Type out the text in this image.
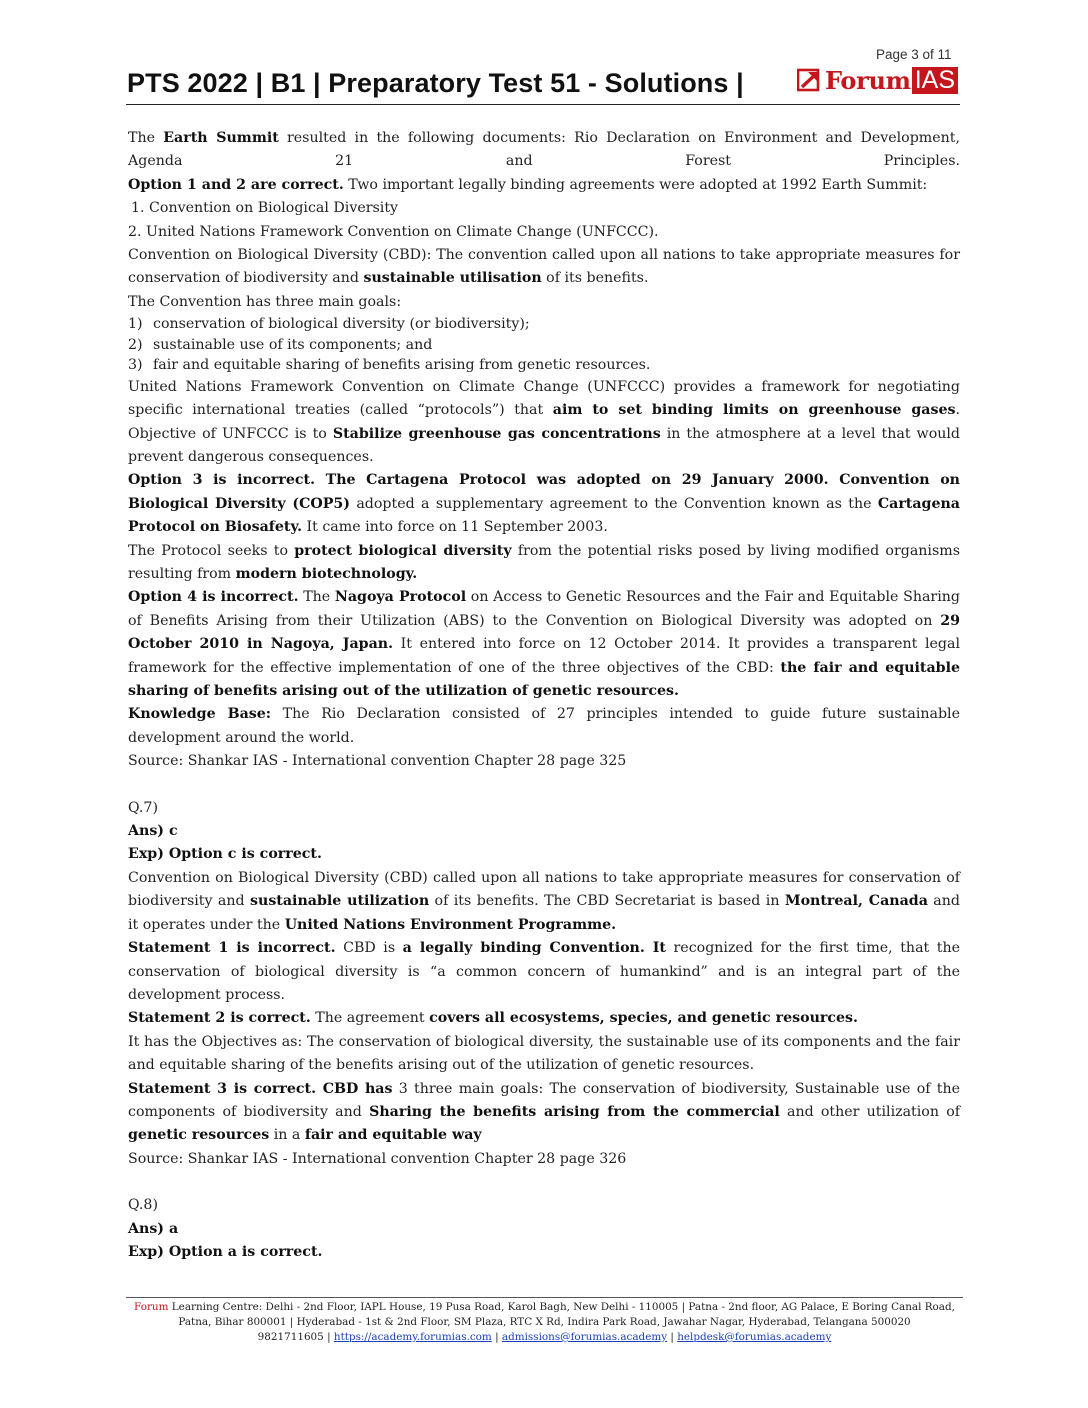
Page 3 of 11
PTS 2022 | B1 | Preparatory Test 51 - Solutions |	Forum IAS

The Earth Summit resulted in the following documents: Rio Declaration on Environment and Development, Agenda 21 and Forest Principles.

Option 1 and 2 are correct. Two important legally binding agreements were adopted at 1992 Earth Summit:

1. Convention on Biological Diversity

2. United Nations Framework Convention on Climate Change (UNFCCC).

Convention on Biological Diversity (CBD): The convention called upon all nations to take appropriate measures for conservation of biodiversity and sustainable utilisation of its benefits.

The Convention has three main goals:

1) conservation of biological diversity (or biodiversity);
2) sustainable use of its components; and
3) fair and equitable sharing of benefits arising from genetic resources.

United Nations Framework Convention on Climate Change (UNFCCC) provides a framework for negotiating specific international treaties (called “protocols”) that aim to set binding limits on greenhouse gases. Objective of UNFCCC is to Stabilize greenhouse gas concentrations in the atmosphere at a level that would prevent dangerous consequences.

Option 3 is incorrect. The Cartagena Protocol was adopted on 29 January 2000. Convention on Biological Diversity (COP5) adopted a supplementary agreement to the Convention known as the Cartagena Protocol on Biosafety. It came into force on 11 September 2003.

The Protocol seeks to protect biological diversity from the potential risks posed by living modified organisms resulting from modern biotechnology.

Option 4 is incorrect. The Nagoya Protocol on Access to Genetic Resources and the Fair and Equitable Sharing of Benefits Arising from their Utilization (ABS) to the Convention on Biological Diversity was adopted on 29 October 2010 in Nagoya, Japan. It entered into force on 12 October 2014. It provides a transparent legal framework for the effective implementation of one of the three objectives of the CBD: the fair and equitable sharing of benefits arising out of the utilization of genetic resources.

Knowledge Base: The Rio Declaration consisted of 27 principles intended to guide future sustainable development around the world.

Source: Shankar IAS - International convention Chapter 28 page 325

Q.7)

Ans) c

Exp) Option c is correct.

Convention on Biological Diversity (CBD) called upon all nations to take appropriate measures for conservation of biodiversity and sustainable utilization of its benefits. The CBD Secretariat is based in Montreal, Canada and it operates under the United Nations Environment Programme.

Statement 1 is incorrect. CBD is a legally binding Convention. It recognized for the first time, that the conservation of biological diversity is “a common concern of humankind” and is an integral part of the development process.

Statement 2 is correct. The agreement covers all ecosystems, species, and genetic resources.

It has the Objectives as: The conservation of biological diversity, the sustainable use of its components and the fair and equitable sharing of the benefits arising out of the utilization of genetic resources.

Statement 3 is correct. CBD has 3 three main goals: The conservation of biodiversity, Sustainable use of the components of biodiversity and Sharing the benefits arising from the commercial and other utilization of genetic resources in a fair and equitable way

Source: Shankar IAS - International convention Chapter 28 page 326

Q.8)

Ans) a

Exp) Option a is correct.

Forum Learning Centre: Delhi - 2nd Floor, IAPL House, 19 Pusa Road, Karol Bagh, New Delhi - 110005 | Patna - 2nd floor, AG Palace, E Boring Canal Road,
Patna, Bihar 800001 | Hyderabad - 1st & 2nd Floor, SM Plaza, RTC X Rd, Indira Park Road, Jawahar Nagar, Hyderabad, Telangana 500020
9821711605 | https://academy.forumias.com | admissions@forumias.academy | helpdesk@forumias.academy
